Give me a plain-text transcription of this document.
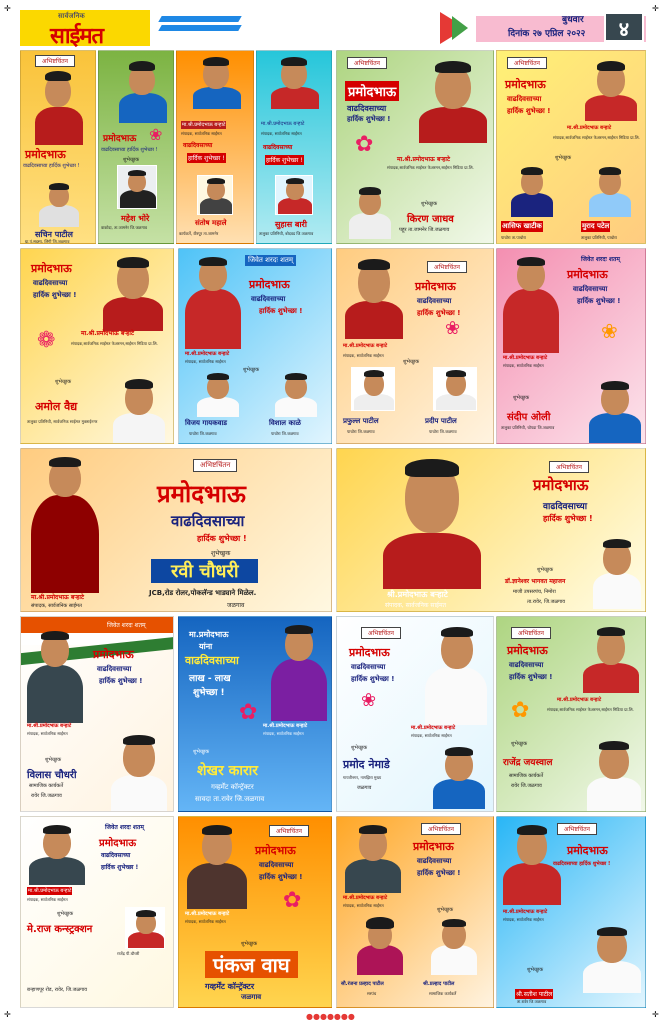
✛	✛
✛	✛
●●●●●●●
सार्वजनिक
साईमत
बुधवार
दिनांक २७ एप्रिल २०२२	४
अभिष्टचिंतन
प्रमोदभाऊ
वाढदिवसाच्या हार्दिक शुभेच्छा !
सचिन पाटील
ग्रा.पं.सदस्य, लिंगी जि.जळगाव
प्रमोदभाऊ ❀
वाढदिवसाच्या हार्दिक शुभेच्छा !
शुभेच्छुक
महेश भोरे
वाकोदा, ता.जामनेर जि.जळगाव
मा.श्री.प्रमोदभाऊ बऱ्हाटे
संपादक, सार्वजनिक साईमत
वाढदिवसाच्या
हार्दिक शुभेच्छा !
संतोष महाले
कार्यकर्ते, वीरपूर ता.जामनेर
मा.श्री.प्रमोदभाऊ बऱ्हाटे
संपादक, सार्वजनिक साईमत
वाढदिवसाच्या
हार्दिक शुभेच्छा !
सुहास बारी
तालुका प्रतिनिधी, बोदवड जि.जळगाव
अभिष्टचिंतन
प्रमोदभाऊ
वाढदिवसाच्या
हार्दिक शुभेच्छा !
✿
मा.श्री.प्रमोदभाऊ बऱ्हाटे
संपादक,सार्वजनिक साईमत फेअरमन,साईमत मिडिया प्रा.लि.
शुभेच्छुक
किरण जाधव
पहूर ता.जामनेर जि.जळगाव
अभिष्टचिंतन
प्रमोदभाऊ
वाढदिवसाच्या
हार्दिक शुभेच्छा !
मा.श्री.प्रमोदभाऊ बऱ्हाटे
संपादक,सार्वजनिक साईमत फेअरमन,साईमत मिडिया प्रा.लि.
शुभेच्छुक
आसिफ खाटीक	मुराद पटेल
पाचोरा ता.पाचोरा	तालुका प्रतिनिधी, पाचोरा
प्रमोदभाऊ
वाढदिवसाच्या
हार्दिक शुभेच्छा !
मा.श्री.प्रमोदभाऊ बऱ्हाटे
संपादक,सार्वजनिक साईमत फेअरमन,साईमत मिडिया प्रा.लि.
❁
शुभेच्छुक
अमोल वैद्य
तालुका प्रतिनिधी, सार्वजनिक साईमत मुक्ताईनगर
जिवेत शरदः शतम्
प्रमोदभाऊ
वाढदिवसाच्या
हार्दिक शुभेच्छा !
मा.श्री.प्रमोदभाऊ बऱ्हाटे
संपादक, सार्वजनिक साईमत
शुभेच्छुक
विजय गायकवाड	विशाल काळे
पाचोरा जि.जळगाव	पाचोरा जि.जळगाव
अभिष्टचिंतन
प्रमोदभाऊ
वाढदिवसाच्या
हार्दिक शुभेच्छा !
❀
मा.श्री.प्रमोदभाऊ बऱ्हाटे
संपादक, सार्वजनिक साईमत
शुभेच्छुक
प्रफुल्ल पाटील	प्रदीप पाटील
पाचोरा जि.जळगाव	पाचोरा जि.जळगाव
जिवेत शरदः शतम्
प्रमोदभाऊ
वाढदिवसाच्या
हार्दिक शुभेच्छा !
❀
मा.श्री.प्रमोदभाऊ बऱ्हाटे
संपादक, सार्वजनिक साईमत
शुभेच्छुक
संदीप ओली
तालुका प्रतिनिधी, चोपडा जि.जळगाव
मा.श्री.प्रमोदभाऊ बऱ्हाटे
संपादक, सार्वजनिक साईमत
अभिष्टचिंतन
प्रमोदभाऊ
वाढदिवसाच्या
हार्दिक शुभेच्छा !
शुभेच्छुक
रवी चौधरी
JCB,रोड रोलर,पोकलॅन्ड भाड्याने मिळेल.
जळगाव
श्री.प्रमोदभाऊ बऱ्हाटे
संपादक, सार्वजनिक साईमत
अभिष्टचिंतन
प्रमोदभाऊ
वाढदिवसाच्या
हार्दिक शुभेच्छा !
शुभेच्छुक
डॉ.ज्ञानेश्वर भागवत महाजन
माजी उपसरपंच, निमोरा
ता.रावेर, जि.जळगाव
जिवेत शरदः शतम्
प्रमोदभाऊ
वाढदिवसाच्या
हार्दिक शुभेच्छा !
मा.श्री.प्रमोदभाऊ बऱ्हाटे
संपादक, सार्वजनिक साईमत
शुभेच्छुक
विलास चौधरी
सामाजिक कार्यकर्ते
रावेर जि.जळगाव
मा.प्रमोदभाऊ
यांना
वाढदिवसाच्या
लाख - लाख
शुभेच्छा !
✿
मा.श्री.प्रमोदभाऊ बऱ्हाटे
संपादक, सार्वजनिक साईमत
शुभेच्छुक
शेखर कारार
गव्हर्मेंट कॉन्ट्रॅक्टर
सावदा ता.रावेर जि.जळगाव
अभिष्टचिंतन
प्रमोदभाऊ
वाढदिवसाच्या
हार्दिक शुभेच्छा !
❀
मा.श्री.प्रमोदभाऊ बऱ्हाटे
संपादक, सार्वजनिक साईमत
शुभेच्छुक
प्रमोद नेमाडे
गायत्रीनगर, नागझिरा मुख्य
जळगाव
अभिष्टचिंतन
प्रमोदभाऊ
वाढदिवसाच्या
हार्दिक शुभेच्छा !
मा.श्री.प्रमोदभाऊ बऱ्हाटे
संपादक,सार्वजनिक साईमत फेअरमन,साईमत मिडिया प्रा.लि.
✿
शुभेच्छुक
राजेंद्र जयस्वाल
सामाजिक कार्यकर्ते
रावेर जि.जळगाव
जिवेत शरदः शतम्
प्रमोदभाऊ
वाढदिवसाच्या
हार्दिक शुभेच्छा !
मा.श्री.प्रमोदभाऊ बऱ्हाटे
संपादक, सार्वजनिक साईमत
शुभेच्छुक
मे.राज कन्स्ट्रक्शन
राजेंद्र पी.चौधरी
बऱ्हाणपूर रोड, रावेर, जि.जळगाव
अभिष्टचिंतन
प्रमोदभाऊ
वाढदिवसाच्या
हार्दिक शुभेच्छा !
✿
मा.श्री.प्रमोदभाऊ बऱ्हाटे
संपादक, सार्वजनिक साईमत
शुभेच्छुक
पंकज वाघ
गव्हर्मेंट कॉन्ट्रॅक्टर
जळगाव
अभिष्टचिंतन
प्रमोदभाऊ
वाढदिवसाच्या
हार्दिक शुभेच्छा !
मा.श्री.प्रमोदभाऊ बऱ्हाटे
संपादक, सार्वजनिक साईमत
शुभेच्छुक
सौ.रंजना प्रल्हाद पाटील	श्री.प्रल्हाद पाटील
सरपंच	सामाजिक कार्यकर्ते
अभिष्टचिंतन
प्रमोदभाऊ
वाढदिवसाच्या हार्दिक शुभेच्छा !
मा.श्री.प्रमोदभाऊ बऱ्हाटे
संपादक, सार्वजनिक साईमत
शुभेच्छुक
श्री.सतीश पाटील
ता.रावेर जि.जळगाव
